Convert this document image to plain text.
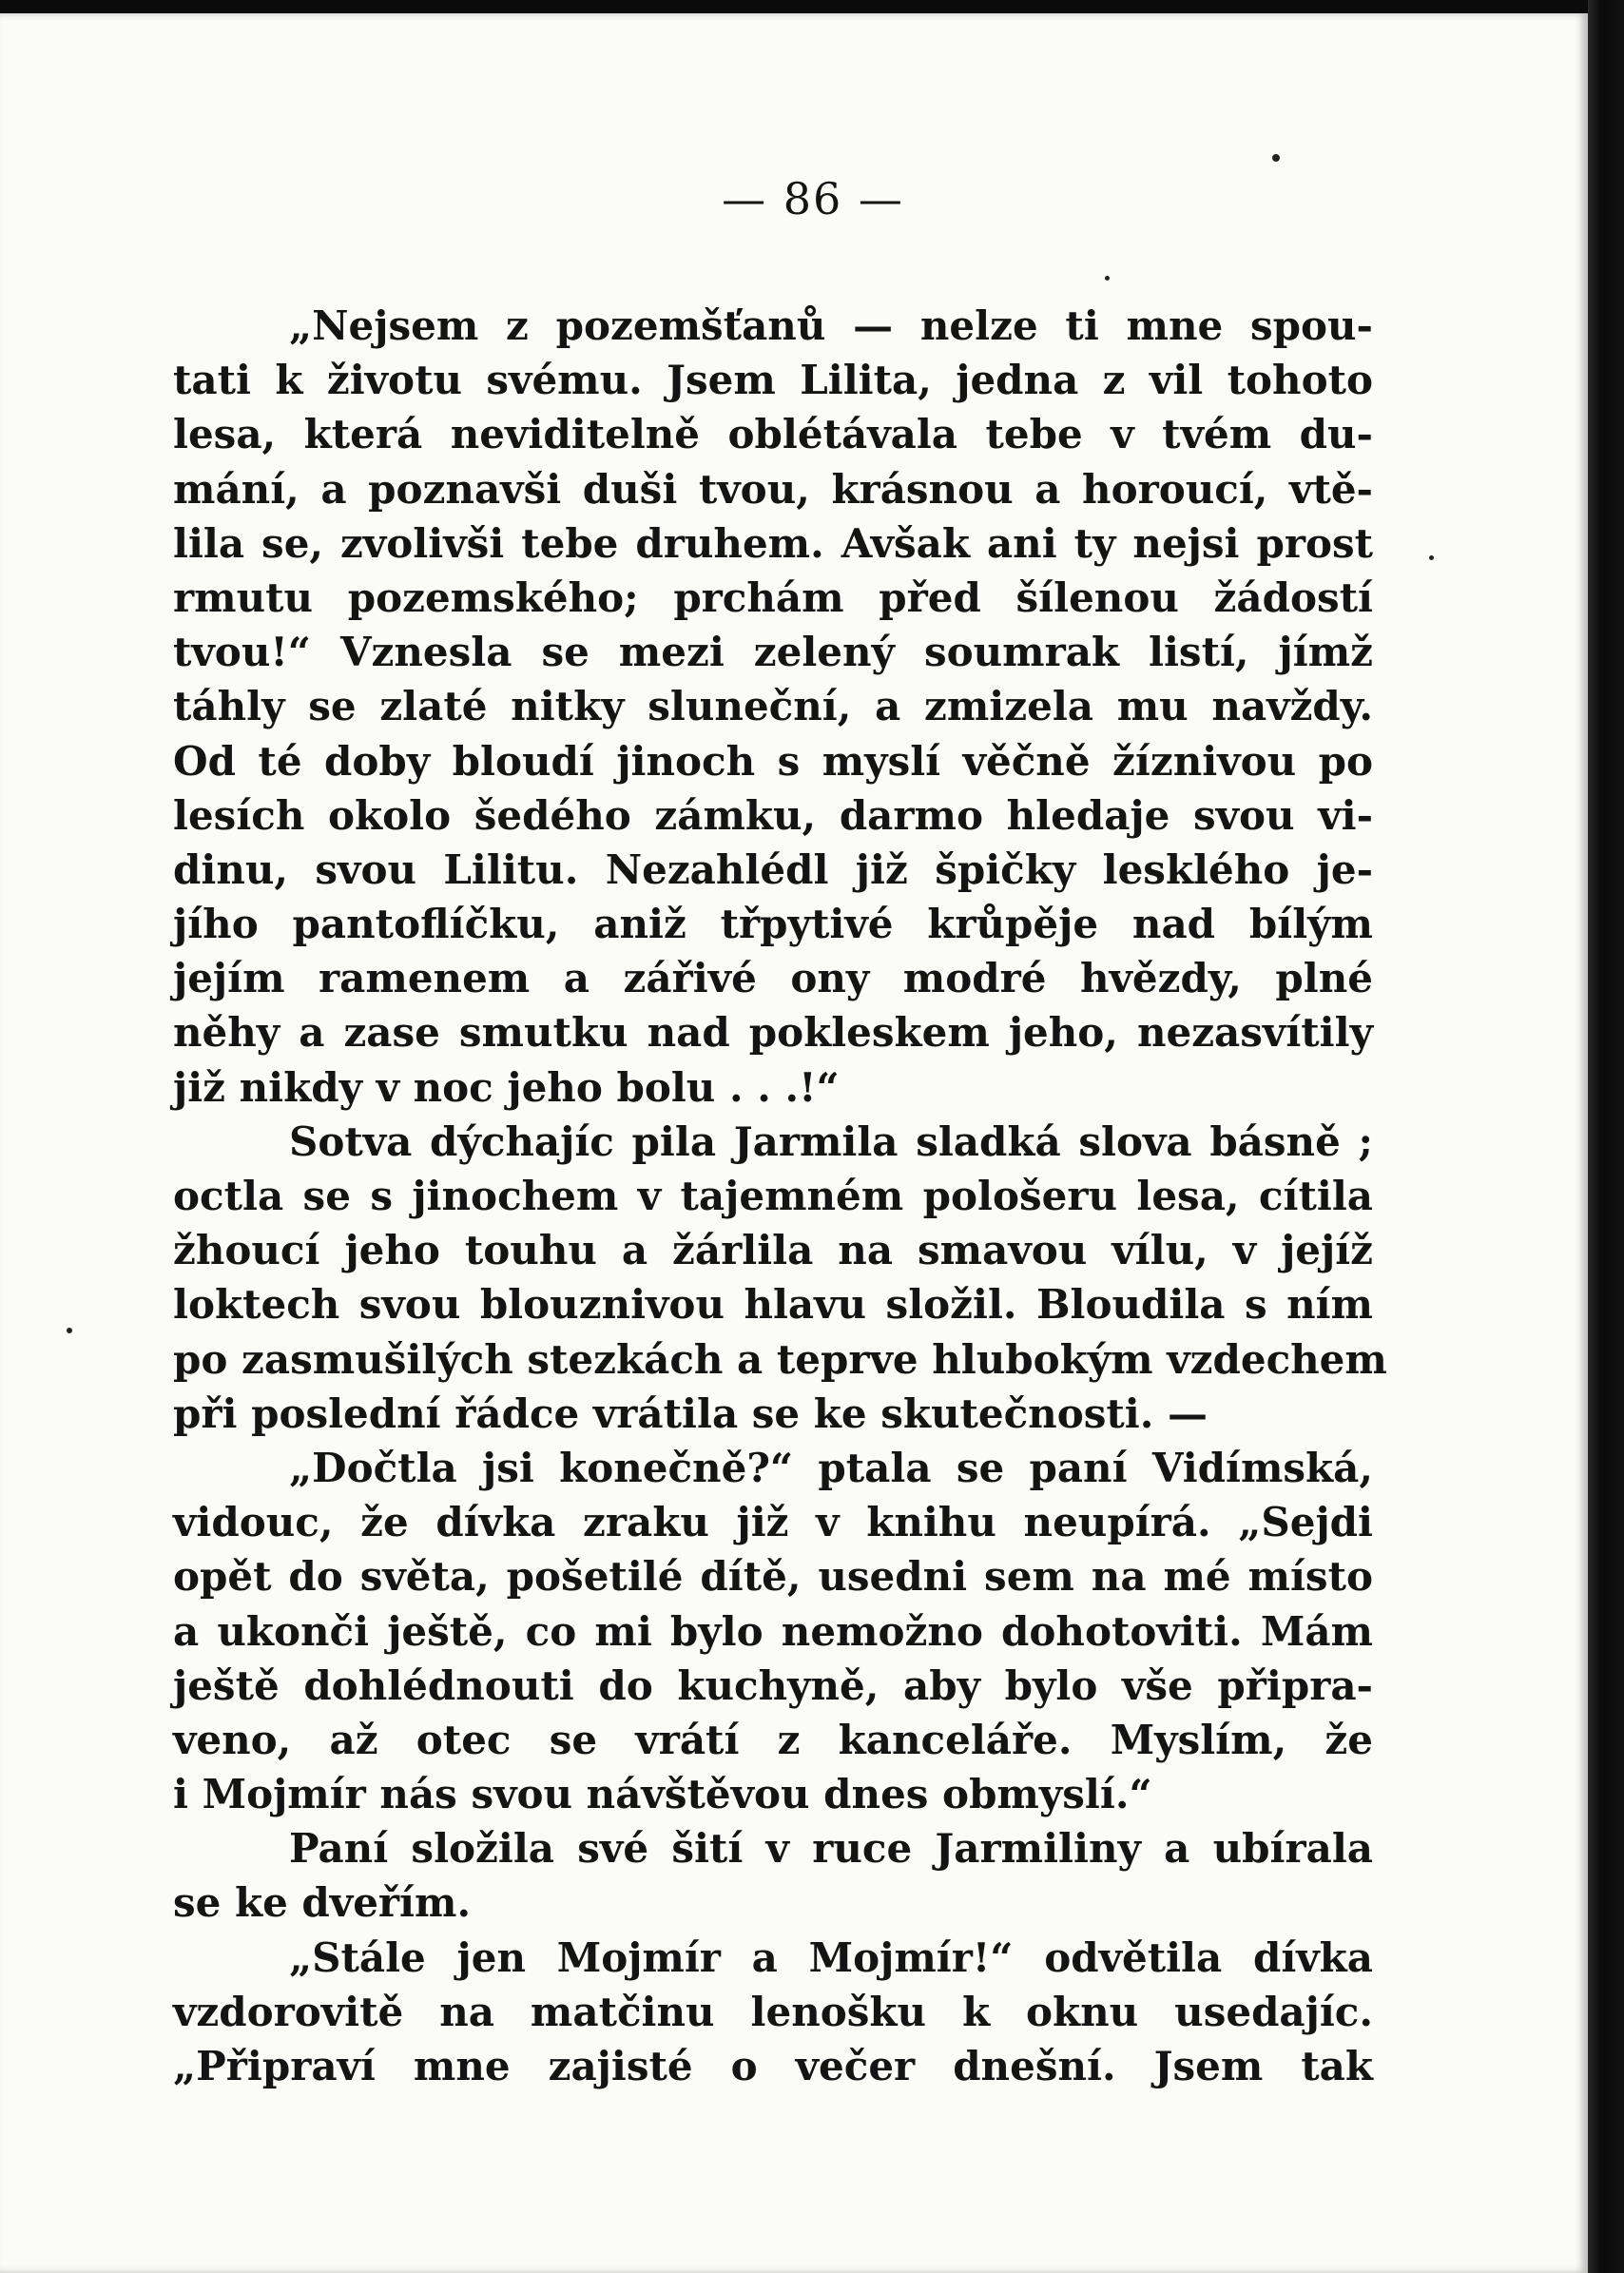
— 86 —
„Nejsem z pozemšťanů — nelze ti mne spou-
tati k životu svému. Jsem Lilita, jedna z vil tohoto
lesa, která neviditelně oblétávala tebe v tvém du-
mání, a poznavši duši tvou, krásnou a horoucí, vtě-
lila se, zvolivši tebe druhem. Avšak ani ty nejsi prost
rmutu pozemského; prchám před šílenou žádostí
tvou!“ Vznesla se mezi zelený soumrak listí, jímž
táhly se zlaté nitky sluneční, a zmizela mu navždy.
Od té doby bloudí jinoch s myslí věčně žíznivou po
lesích okolo šedého zámku, darmo hledaje svou vi-
dinu, svou Lilitu. Nezahlédl již špičky lesklého je-
jího pantoflíčku, aniž třpytivé krůpěje nad bílým
jejím ramenem a zářivé ony modré hvězdy, plné
něhy a zase smutku nad pokleskem jeho, nezasvítily
již nikdy v noc jeho bolu . . .!“
Sotva dýchajíc pila Jarmila sladká slova básně ;
octla se s jinochem v tajemném pološeru lesa, cítila
žhoucí jeho touhu a žárlila na smavou vílu, v jejíž
loktech svou blouznivou hlavu složil. Bloudila s ním
po zasmušilých stezkách a teprve hlubokým vzdechem
při poslední řádce vrátila se ke skutečnosti. —
„Dočtla jsi konečně?“ ptala se paní Vidímská,
vidouc, že dívka zraku již v knihu neupírá. „Sejdi
opět do světa, pošetilé dítě, usedni sem na mé místo
a ukonči ještě, co mi bylo nemožno dohotoviti. Mám
ještě dohlédnouti do kuchyně, aby bylo vše připra-
veno, až otec se vrátí z kanceláře. Myslím, že
i Mojmír nás svou návštěvou dnes obmyslí.“
Paní složila své šití v ruce Jarmiliny a ubírala
se ke dveřím.
„Stále jen Mojmír a Mojmír!“ odvětila dívka
vzdorovitě na matčinu lenošku k oknu usedajíc.
„Připraví mne zajisté o večer dnešní. Jsem tak
